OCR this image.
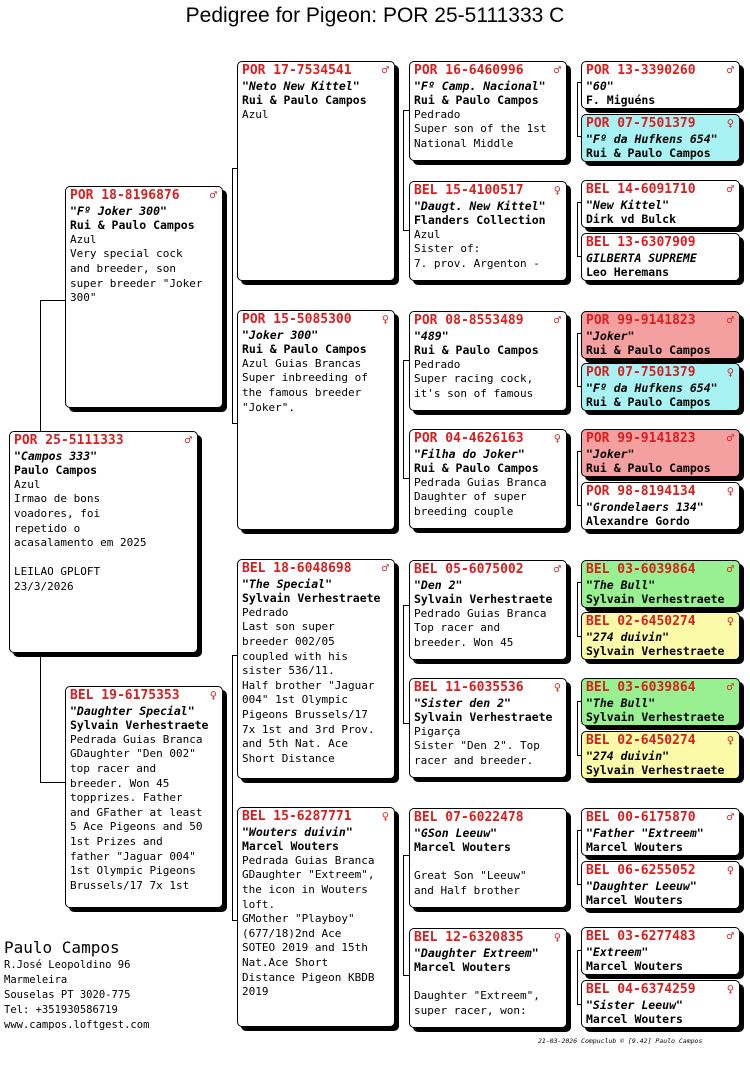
Pedigree for Pigeon: POR 25-5111333 C
POR 25-5111333	♂
"Campos 333"
Paulo Campos
Azul
Irmao de bons
voadores, foi
repetido o
acasalamento em 2025

LEILAO GPLOFT
23/3/2026
POR 18-8196876	♂
"Fº Joker 300"
Rui & Paulo Campos
Azul
Very special cock
and breeder, son
super breeder "Joker
300"
BEL 19-6175353	♀
"Daughter Special"
Sylvain Verhestraete
Pedrada Guias Branca
GDaughter "Den 002"
top racer and
breeder. Won 45
topprizes. Father
and GFather at least
5 Ace Pigeons and 50
1st Prizes and
father "Jaguar 004"
1st Olympic Pigeons
Brussels/17 7x 1st
POR 17-7534541	♂
"Neto New Kittel"
Rui & Paulo Campos
Azul
POR 15-5085300	♀
"Joker 300"
Rui & Paulo Campos
Azul Guias Brancas
Super inbreeding of
the famous breeder
"Joker".
BEL 18-6048698	♂
"The Special"
Sylvain Verhestraete
Pedrado
Last son super
breeder 002/05
coupled with his
sister 536/11.
Half brother "Jaguar
004" 1st Olympic
Pigeons Brussels/17
7x 1st and 3rd Prov.
and 5th Nat. Ace
Short Distance
BEL 15-6287771	♀
"Wouters duivin"
Marcel Wouters
Pedrada Guias Branca
GDaughter "Extreem",
the icon in Wouters
loft.
GMother "Playboy"
(677/18)2nd Ace
SOTEO 2019 and 15th
Nat.Ace Short
Distance Pigeon KBDB
2019
POR 16-6460996	♂
"Fº Camp. Nacional"
Rui & Paulo Campos
Pedrado
Super son of the 1st
National Middle
BEL 15-4100517	♀
"Daugt. New Kittel"
Flanders Collection
Azul
Sister of:
7. prov. Argenton -
POR 08-8553489	♂
"489"
Rui & Paulo Campos
Pedrado
Super racing cock,
it's son of famous
POR 04-4626163	♀
"Filha do Joker"
Rui & Paulo Campos
Pedrada Guias Branca
Daughter of super
breeding couple
BEL 05-6075002	♂
"Den 2"
Sylvain Verhestraete
Pedrado Guias Branca
Top racer and
breeder. Won 45
BEL 11-6035536	♀
"Sister den 2"
Sylvain Verhestraete
Pigarça
Sister "Den 2". Top
racer and breeder.
BEL 07-6022478
"GSon Leeuw"
Marcel Wouters

Great Son "Leeuw"
and Half brother
BEL 12-6320835	♀
"Daughter Extreem"
Marcel Wouters

Daughter "Extreem",
super racer, won:
POR 13-3390260	♂
"60"
F. Miguéns
POR 07-7501379	♀
"Fº da Hufkens 654"
Rui & Paulo Campos
BEL 14-6091710	♂
"New Kittel"
Dirk vd Bulck
BEL 13-6307909
GILBERTA SUPREME
Leo Heremans
POR 99-9141823	♂
"Joker"
Rui & Paulo Campos
POR 07-7501379	♀
"Fº da Hufkens 654"
Rui & Paulo Campos
POR 99-9141823	♂
"Joker"
Rui & Paulo Campos
POR 98-8194134	♀
"Grondelaers 134"
Alexandre Gordo
BEL 03-6039864	♂
"The Bull"
Sylvain Verhestraete
BEL 02-6450274	♀
"274 duivin"
Sylvain Verhestraete
BEL 03-6039864	♂
"The Bull"
Sylvain Verhestraete
BEL 02-6450274	♀
"274 duivin"
Sylvain Verhestraete
BEL 00-6175870	♂
"Father "Extreem"
Marcel Wouters
BEL 06-6255052	♀
"Daughter Leeuw"
Marcel Wouters
BEL 03-6277483	♂
"Extreem"
Marcel Wouters
BEL 04-6374259	♀
"Sister Leeuw"
Marcel Wouters
Paulo Campos
R.José Leopoldino 96
Marmeleira
Souselas PT 3020-775
Tel: +351930586719
www.campos.loftgest.com
21-03-2026 Compuclub © [9.42] Paulo Campos
